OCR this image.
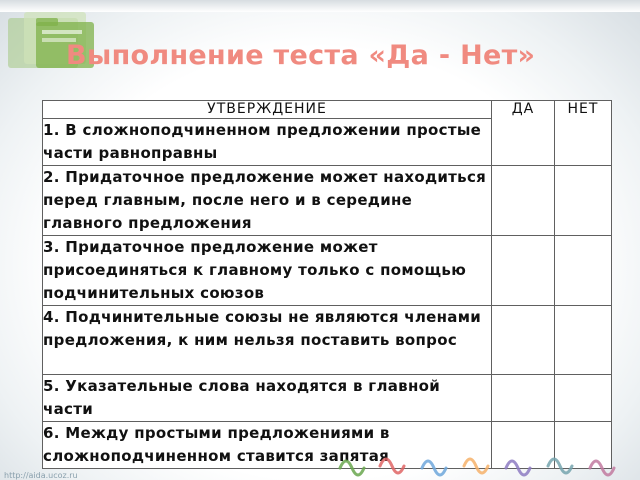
Выполнение теста «Да - Нет»
УТВЕРЖДЕНИЕ	ДА	НЕТ
1. В сложноподчиненном предложении простые части равноправны		
2. Придаточное предложение может находиться перед главным, после него и в середине главного предложения		
3. Придаточное предложение может присоединяться к главному только с помощью подчинительных союзов		
4. Подчинительные союзы не являются членами предложения, к ним нельзя поставить вопрос		
5. Указательные слова находятся в главной части		
6. Между простыми предложениями в сложноподчиненном ставится запятая		
http://aida.ucoz.ru
